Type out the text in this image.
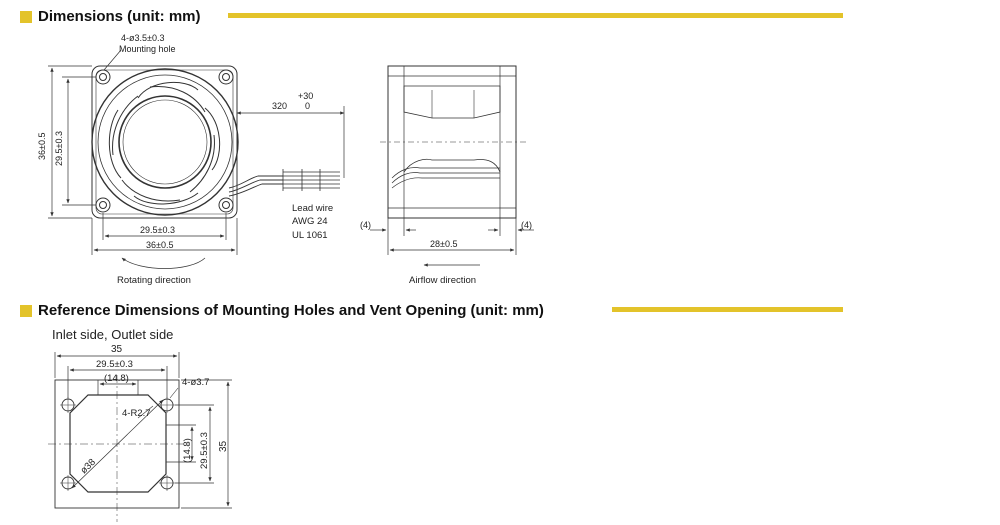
Dimensions (unit: mm)
Reference Dimensions of Mounting Holes and Vent Opening (unit: mm)
Inlet side, Outlet side
4-ø3.5±0.3
Mounting hole
36±0.5 29.5±0.3
29.5±0.3
36±0.5
Rotating direction
+30
320 0
Lead wire
AWG 24
UL 1061
(4)	(4)
28±0.5
Airflow direction
35
29.5±0.3
(14.8)	4-ø3.7
4-R2.7
ø38
(14.8) 29.5±0.3 35
